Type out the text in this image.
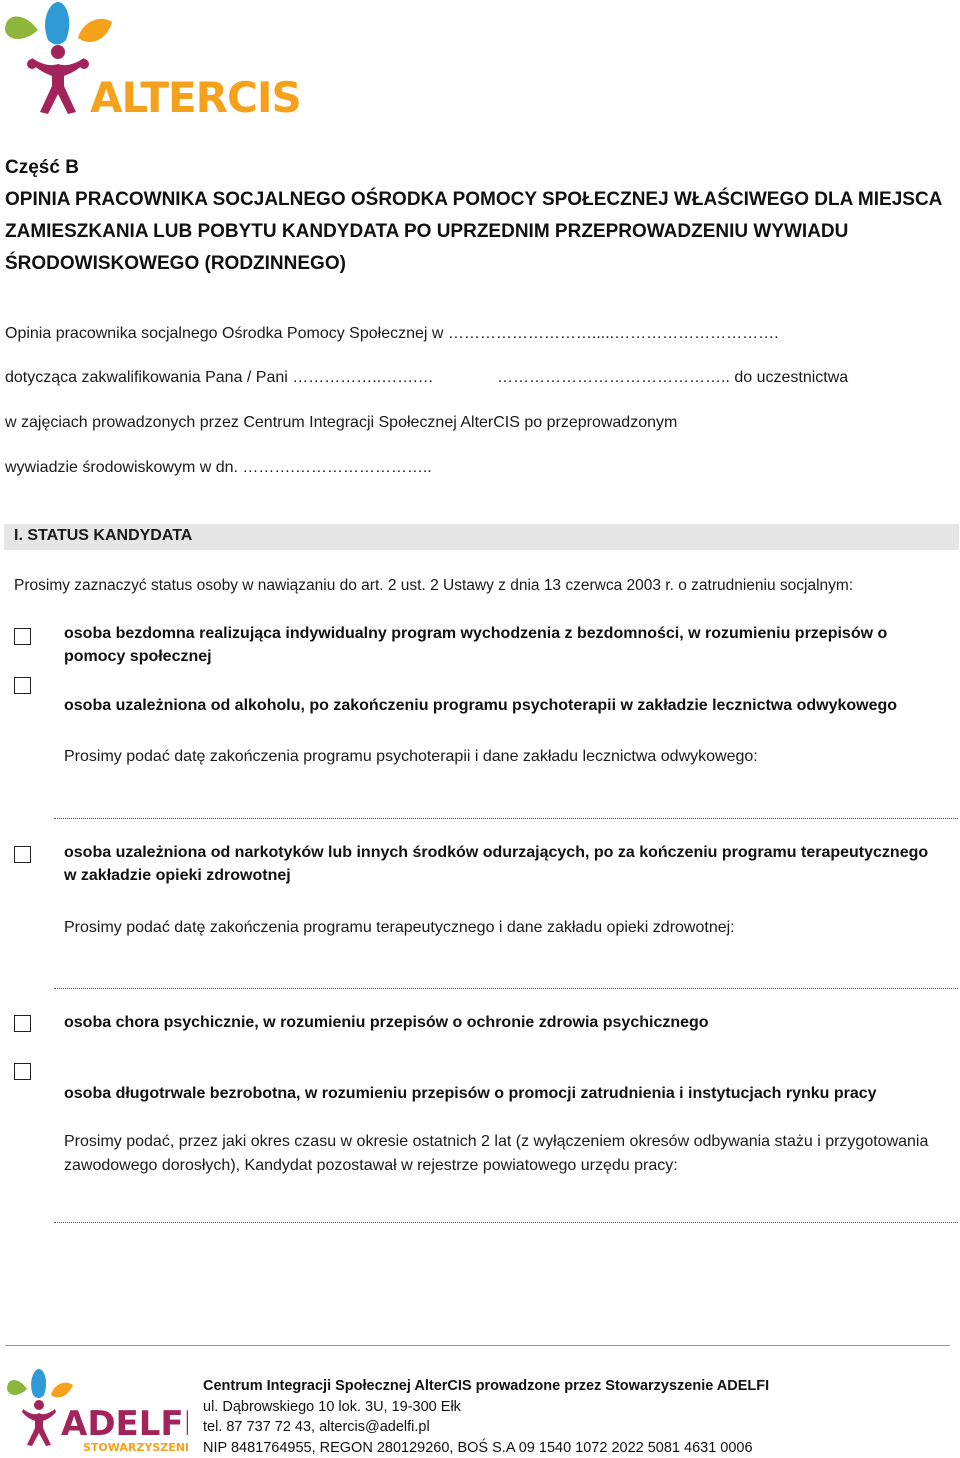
ALTERCIS
Część B
OPINIA PRACOWNIKA SOCJALNEGO OŚRODKA POMOCY SPOŁECZNEJ WŁAŚCIWEGO DLA MIEJSCA
ZAMIESZKANIA LUB POBYTU KANDYDATA PO UPRZEDNIM PRZEPROWADZENIU WYWIADU
ŚRODOWISKOWEGO (RODZINNEGO)
Opinia pracownika socjalnego Ośrodka Pomocy Społecznej w ……………………….....………………………….
dotycząca zakwalifikowania Pana / Pani ……………..…….…	…………………………………….. do uczestnictwa
w zajęciach prowadzonych przez Centrum Integracji Społecznej AlterCIS po przeprowadzonym
wywiadzie środowiskowym w dn. ……….……………………..
I. STATUS KANDYDATA
Prosimy zaznaczyć status osoby w nawiązaniu do art. 2 ust. 2 Ustawy z dnia 13 czerwca 2003 r. o zatrudnieniu socjalnym:
osoba bezdomna realizująca indywidualny program wychodzenia z bezdomności, w rozumieniu przepisów o pomocy społecznej
osoba uzależniona od alkoholu, po zakończeniu programu psychoterapii w zakładzie lecznictwa odwykowego
Prosimy podać datę zakończenia programu psychoterapii i dane zakładu lecznictwa odwykowego:
osoba uzależniona od narkotyków lub innych środków odurzających, po za kończeniu programu terapeutycznego w zakładzie opieki zdrowotnej
Prosimy podać datę zakończenia programu terapeutycznego i dane zakładu opieki zdrowotnej:
osoba chora psychicznie, w rozumieniu przepisów o ochronie zdrowia psychicznego
osoba długotrwale bezrobotna, w rozumieniu przepisów o promocji zatrudnienia i instytucjach rynku pracy
Prosimy podać, przez jaki okres czasu w okresie ostatnich 2 lat (z wyłączeniem okresów odbywania stażu i przygotowania zawodowego dorosłych), Kandydat pozostawał w rejestrze powiatowego urzędu pracy:
ADELFI
STOWARZYSZENIE
Centrum Integracji Społecznej AlterCIS prowadzone przez Stowarzyszenie ADELFI
ul. Dąbrowskiego 10 lok. 3U, 19-300 Ełk
tel. 87 737 72 43, altercis@adelfi.pl
NIP 8481764955, REGON 280129260, BOŚ S.A 09 1540 1072 2022 5081 4631 0006
